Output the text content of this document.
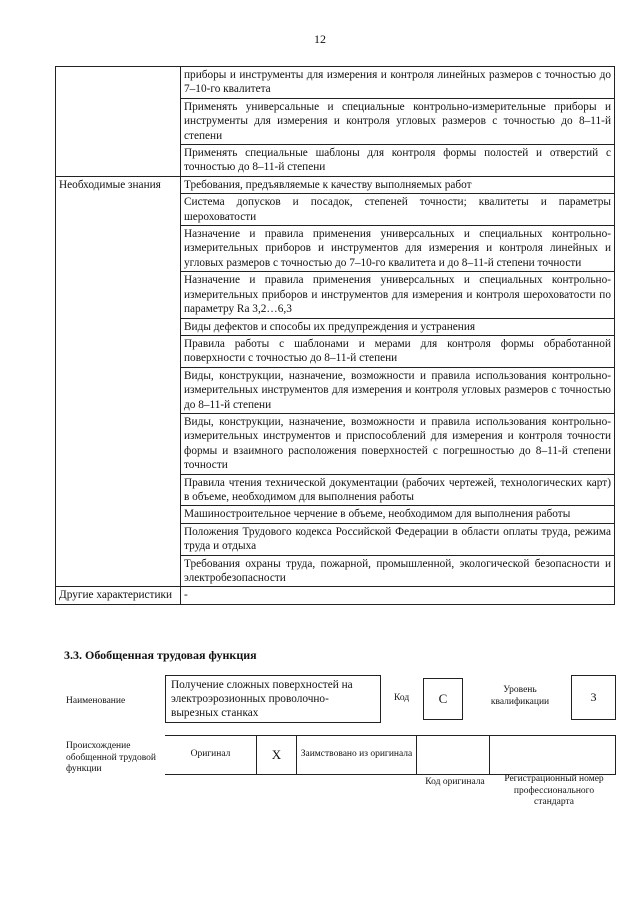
12
	приборы и инструменты для измерения и контроля линейных размеров с точностью до 7–10-го квалитета
	Применять универсальные и специальные контрольно-измерительные приборы и инструменты для измерения и контроля угловых размеров с точностью до 8–11-й степени
	Применять специальные шаблоны для контроля формы полостей и отверстий с точностью до 8–11-й степени
Необходимые знания	Требования, предъявляемые к качеству выполняемых работ
	Система допусков и посадок, степеней точности; квалитеты и параметры шероховатости
	Назначение и правила применения универсальных и специальных контрольно-измерительных приборов и инструментов для измерения и контроля линейных и угловых размеров с точностью до 7–10-го квалитета и до 8–11-й степени точности
	Назначение и правила применения универсальных и специальных контрольно-измерительных приборов и инструментов для измерения и контроля шероховатости по параметру Ra 3,2…6,3
	Виды дефектов и способы их предупреждения и устранения
	Правила работы с шаблонами и мерами для контроля формы обработанной поверхности с точностью до 8–11-й степени
	Виды, конструкции, назначение, возможности и правила использования контрольно-измерительных инструментов для измерения и контроля угловых размеров с точностью до 8–11-й степени
	Виды, конструкции, назначение, возможности и правила использования контрольно-измерительных инструментов и приспособлений для измерения и контроля точности формы и взаимного расположения поверхностей с погрешностью до 8–11-й степени точности
	Правила чтения технической документации (рабочих чертежей, технологических карт) в объеме, необходимом для выполнения работы
	Машиностроительное черчение в объеме, необходимом для выполнения работы
	Положения Трудового кодекса Российской Федерации в области оплаты труда, режима труда и отдыха
	Требования охраны труда, пожарной, промышленной, экологической безопасности и электробезопасности
Другие характеристики	-
3.3. Обобщенная трудовая функция
Наименование
Получение сложных поверхностей на электроэрозионных проволочно-вырезных станках
Код	С
Уровень квалификации	3
Происхождение обобщенной трудовой функции
Оригинал	Х	Заимствовано из оригинала
Код оригинала	Регистрационный номер профессионального стандарта
